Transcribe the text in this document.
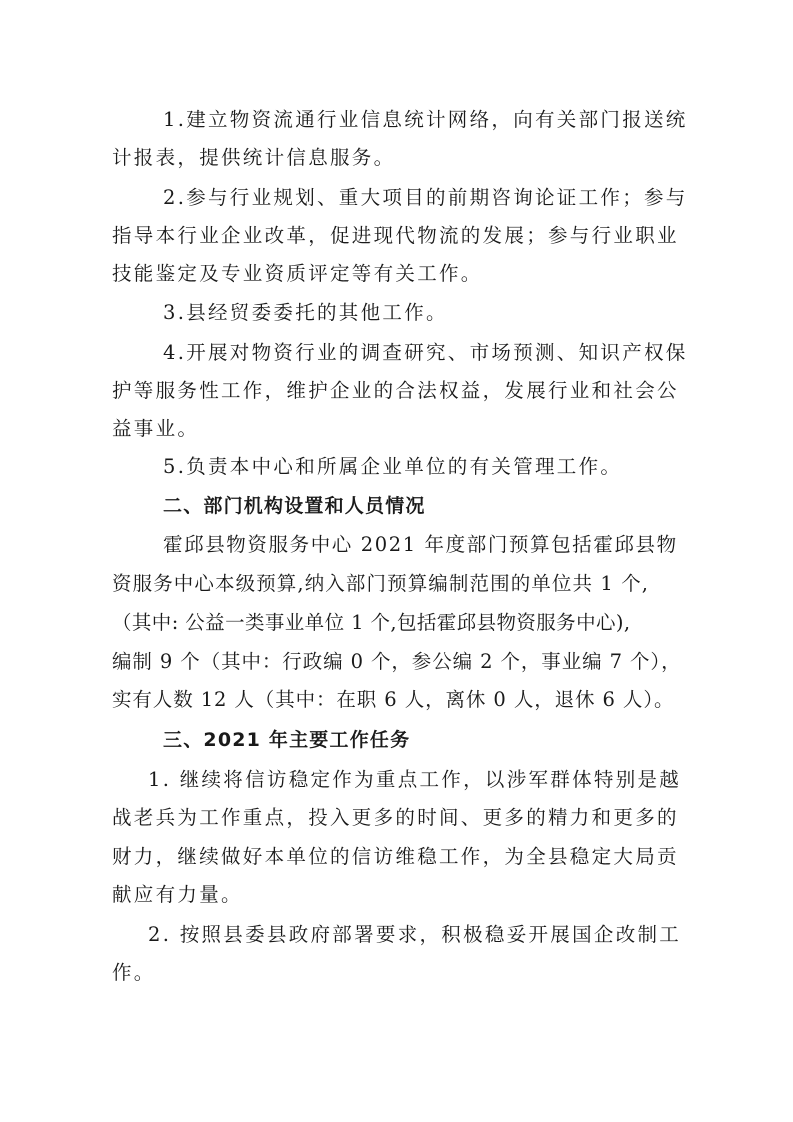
1.建立物资流通行业信息统计网络，向有关部门报送统
计报表，提供统计信息服务。
2.参与行业规划、重大项目的前期咨询论证工作；参与
指导本行业企业改革，促进现代物流的发展；参与行业职业
技能鉴定及专业资质评定等有关工作。
3.县经贸委委托的其他工作。
4.开展对物资行业的调查研究、市场预测、知识产权保
护等服务性工作，维护企业的合法权益，发展行业和社会公
益事业。
5.负责本中心和所属企业单位的有关管理工作。
二、部门机构设置和人员情况
霍邱县物资服务中心 2021 年度部门预算包括霍邱县物
资服务中心本级预算,纳入部门预算编制范围的单位共 1 个,
（其中: 公益一类事业单位 1 个,包括霍邱县物资服务中心),
编制 9 个（其中：行政编 0 个，参公编 2 个，事业编 7 个），
实有人数 12 人（其中：在职 6 人，离休 0 人，退休 6 人）。
三、2021 年主要工作任务
1. 继续将信访稳定作为重点工作，以涉军群体特别是越
战老兵为工作重点，投入更多的时间、更多的精力和更多的
财力，继续做好本单位的信访维稳工作，为全县稳定大局贡
献应有力量。
2. 按照县委县政府部署要求，积极稳妥开展国企改制工
作。
